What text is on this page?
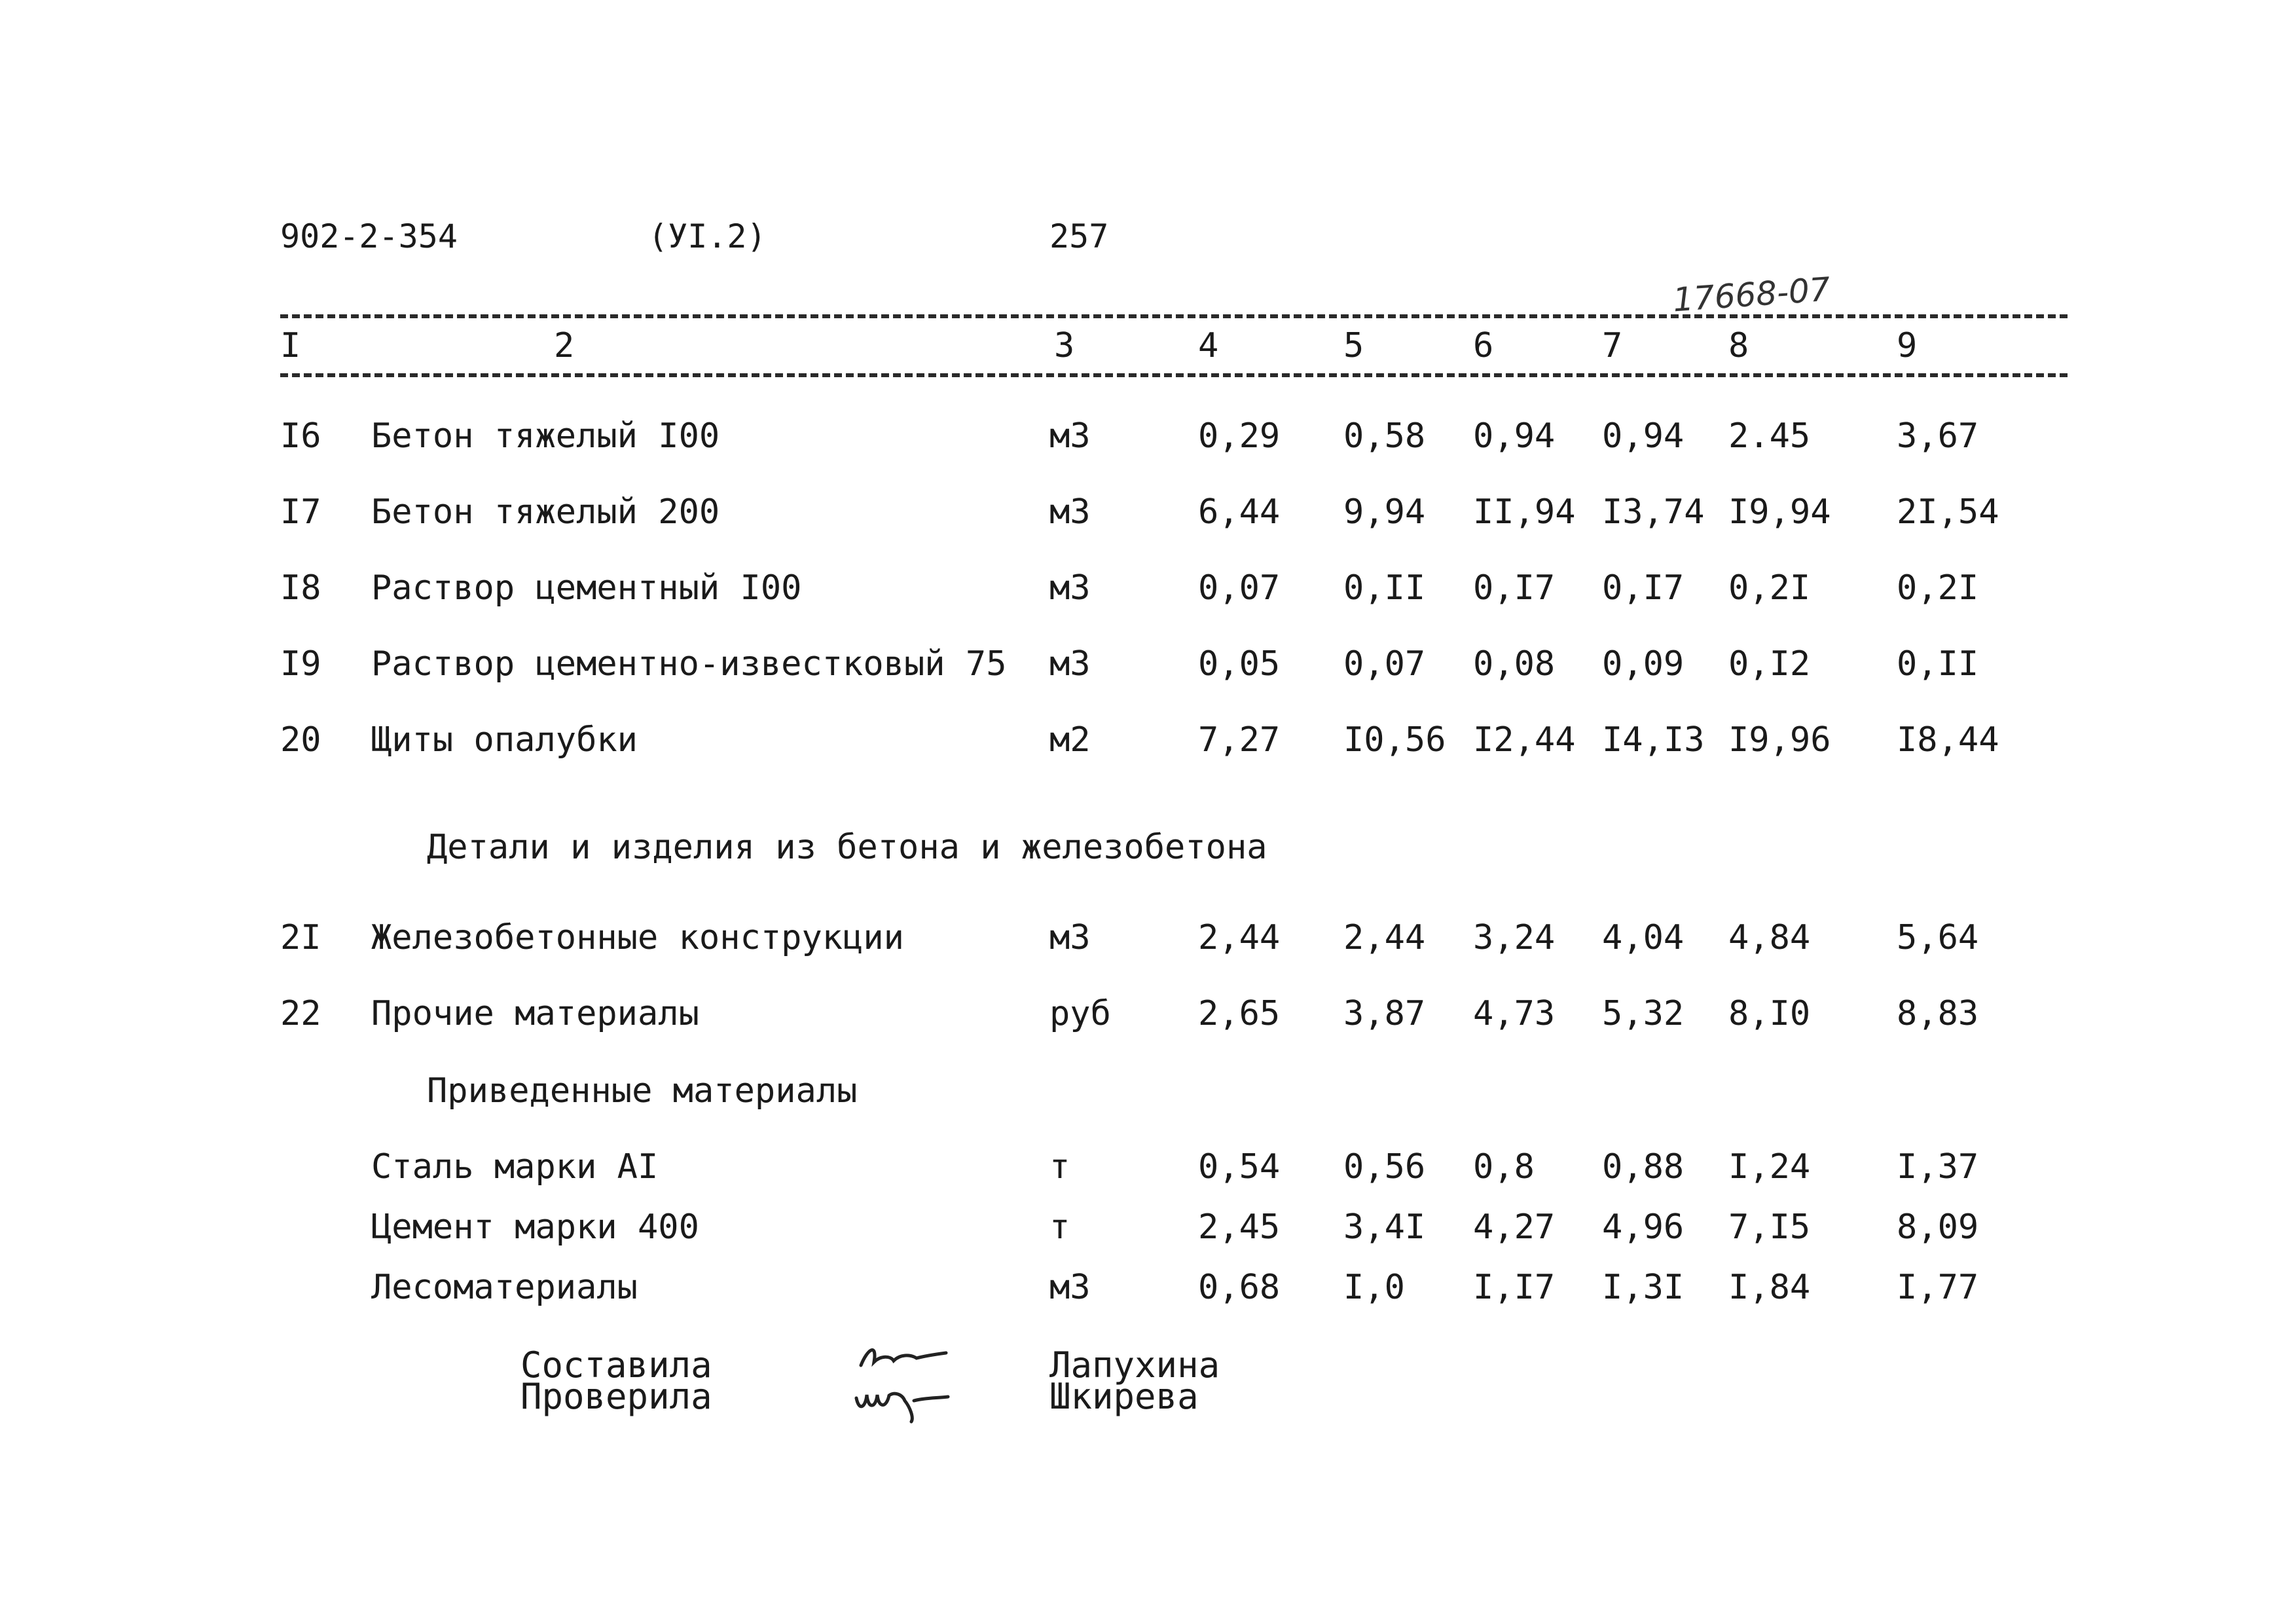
902-2-354	(УI.2)	257
17668-07
I	2	3	4	5	6	7	8	9
I6 Бетон тяжелый I00	м3	0,29 0,58 0,94 0,94 2.45	3,67
I7 Бетон тяжелый 200	м3	6,44 9,94 II,94 I3,74 I9,94 2I,54
I8 Раствор цементный I00	м3	0,07 0,II 0,I7 0,I7 0,2I	0,2I
I9 Раствор цементно-известковый 75 м3	0,05 0,07 0,08 0,09 0,I2	0,II
20 Щиты опалубки	м2	7,27 I0,56 I2,44 I4,I3 I9,96 I8,44
Детали и изделия из бетона и железобетона
2I Железобетонные конструкции	м3	2,44 2,44 3,24 4,04 4,84	5,64
22 Прочие материалы	руб	2,65 3,87 4,73 5,32 8,I0	8,83
Приведенные материалы
Сталь марки AI	т	0,54 0,56 0,8 0,88 I,24	I,37
Цемент марки 400	т	2,45 3,4I 4,27 4,96 7,I5	8,09
Лесоматериалы	м3	0,68 I,0 I,I7 I,3I I,84	I,77
Составила
Проверила
Лапухина
Шкирева
